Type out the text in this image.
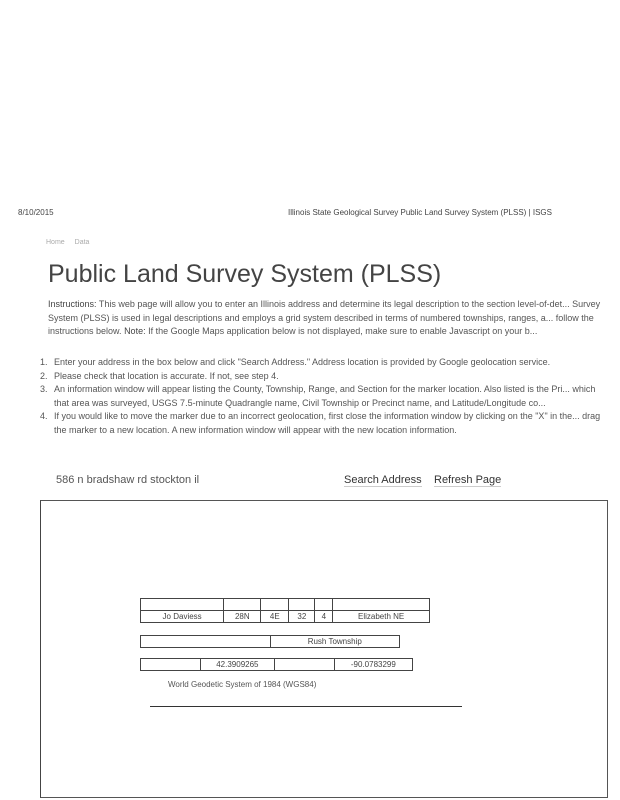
8/10/2015	Illinois State Geological Survey Public Land Survey System (PLSS) | ISGS
Home Data
Public Land Survey System (PLSS)
Instructions: This web page will allow you to enter an Illinois address and determine its legal description to the section level-of-det... Survey System (PLSS) is used in legal descriptions and employs a grid system described in terms of numbered townships, ranges, a... follow the instructions below. Note: If the Google Maps application below is not displayed, make sure to enable Javascript on your b...
1. Enter your address in the box below and click "Search Address." Address location is provided by Google geolocation service.
2. Please check that location is accurate. If not, see step 4.
3. An information window will appear listing the County, Township, Range, and Section for the marker location. Also listed is the Pri... which that area was surveyed, USGS 7.5-minute Quadrangle name, Civil Township or Precinct name, and Latitude/Longitude co...
4. If you would like to move the marker due to an incorrect geolocation, first close the information window by clicking on the "X" in the... drag the marker to a new location. A new information window will appear with the new location information.
586 n bradshaw rd stockton il	Search Address Refresh Page

Jo Daviess	28N	4E	32	4	Elizabeth NE
	Rush Township
	42.3909265		-90.0783299
World Geodetic System of 1984 (WGS84)
